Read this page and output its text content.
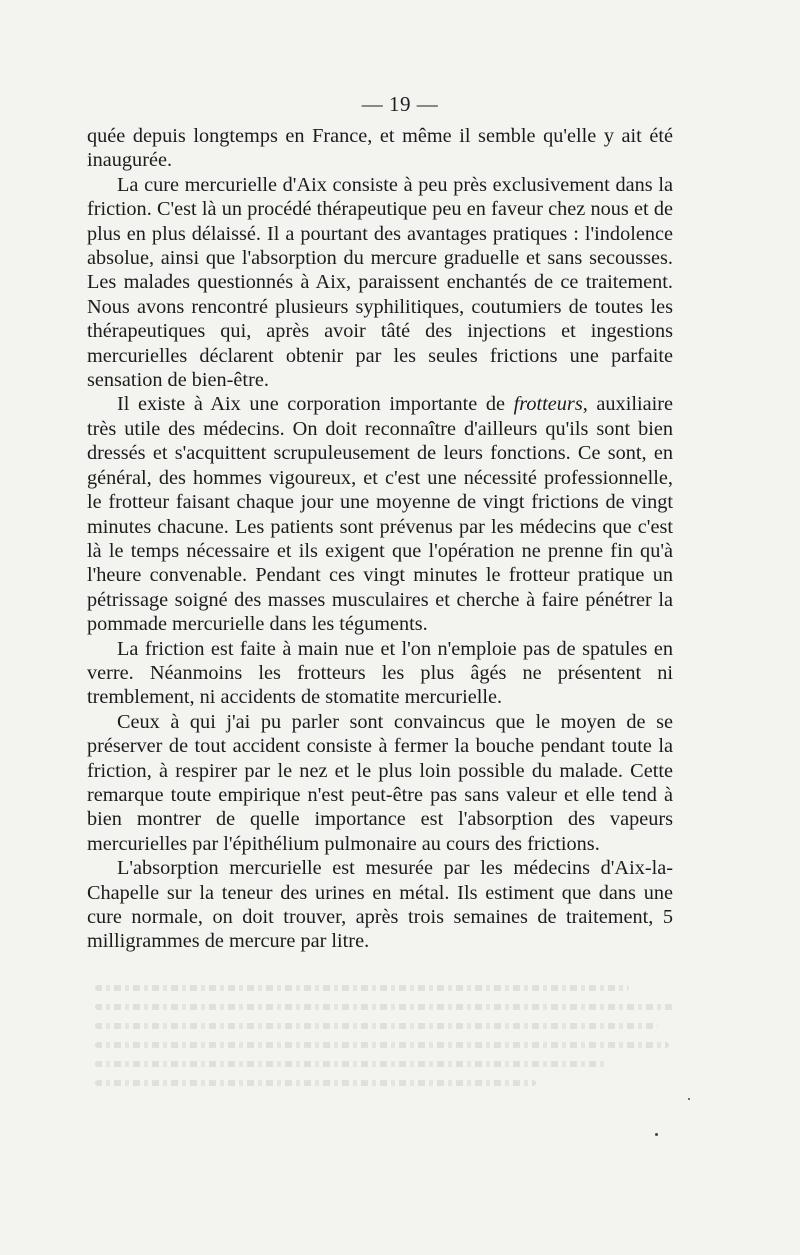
— 19 —

quée depuis longtemps en France, et même il semble qu'elle y ait été inaugurée.

La cure mercurielle d'Aix consiste à peu près exclusivement dans la friction. C'est là un procédé thérapeutique peu en faveur chez nous et de plus en plus délaissé. Il a pourtant des avantages pratiques : l'indolence absolue, ainsi que l'absorption du mercure graduelle et sans secousses. Les malades questionnés à Aix, paraissent enchantés de ce traitement. Nous avons rencontré plusieurs syphilitiques, coutumiers de toutes les thérapeutiques qui, après avoir tâté des injections et ingestions mercurielles déclarent obtenir par les seules frictions une parfaite sensation de bien-être.

Il existe à Aix une corporation importante de frotteurs, auxiliaire très utile des médecins. On doit reconnaître d'ailleurs qu'ils sont bien dressés et s'acquittent scrupuleusement de leurs fonctions. Ce sont, en général, des hommes vigoureux, et c'est une nécessité professionnelle, le frotteur faisant chaque jour une moyenne de vingt frictions de vingt minutes chacune. Les patients sont prévenus par les médecins que c'est là le temps nécessaire et ils exigent que l'opération ne prenne fin qu'à l'heure convenable. Pendant ces vingt minutes le frotteur pratique un pétrissage soigné des masses musculaires et cherche à faire pénétrer la pommade mercurielle dans les téguments.

La friction est faite à main nue et l'on n'emploie pas de spatules en verre. Néanmoins les frotteurs les plus âgés ne présentent ni tremblement, ni accidents de stomatite mercurielle.

Ceux à qui j'ai pu parler sont convaincus que le moyen de se préserver de tout accident consiste à fermer la bouche pendant toute la friction, à respirer par le nez et le plus loin possible du malade. Cette remarque toute empirique n'est peut-être pas sans valeur et elle tend à bien montrer de quelle importance est l'absorption des vapeurs mercurielles par l'épithélium pulmonaire au cours des frictions.

L'absorption mercurielle est mesurée par les médecins d'Aix-la-Chapelle sur la teneur des urines en métal. Ils estiment que dans une cure normale, on doit trouver, après trois semaines de traitement, 5 milligrammes de mercure par litre.
